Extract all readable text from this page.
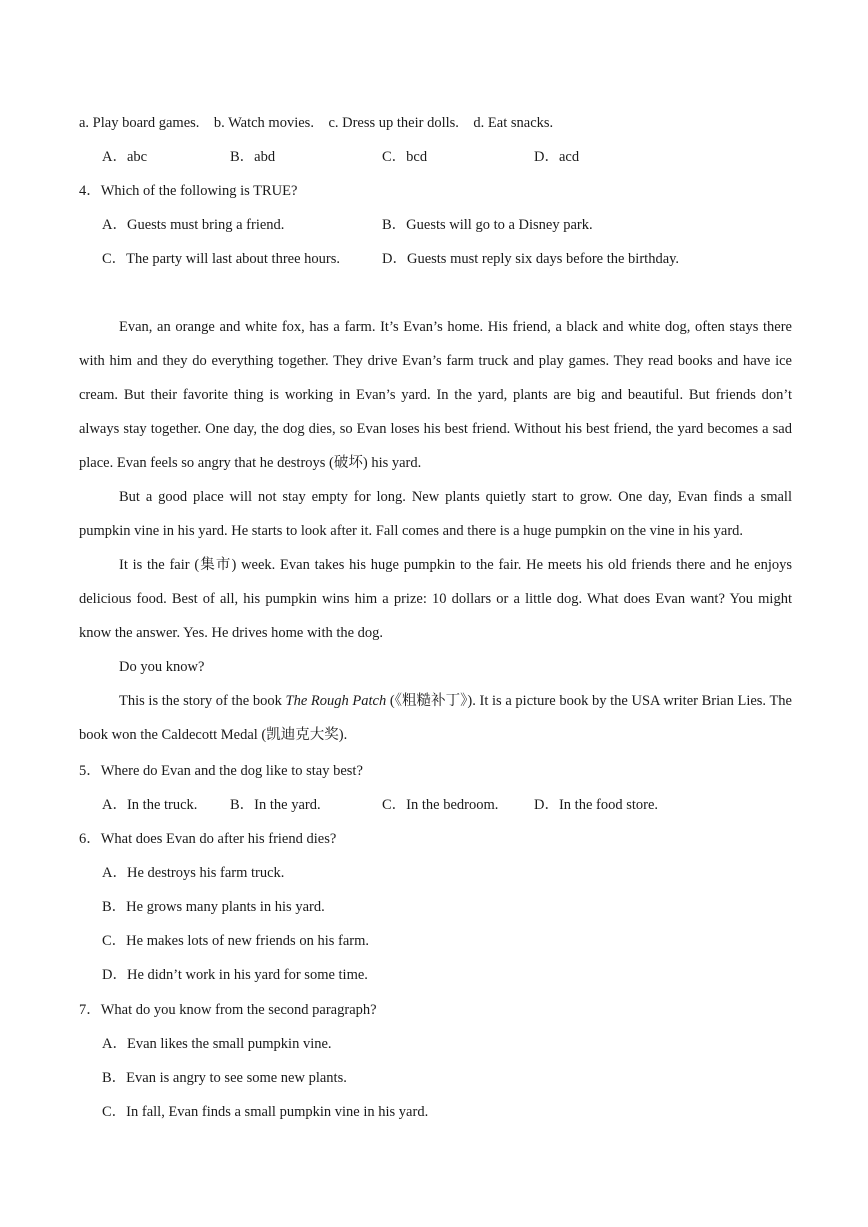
a. Play board games.    b. Watch movies.    c. Dress up their dolls.    d. Eat snacks.
A．abc	B．abd	C．bcd	D．acd
4．Which of the following is TRUE?
A．Guests must bring a friend.	B．Guests will go to a Disney park.
C．The party will last about three hours.	D．Guests must reply six days before the birthday.

Evan, an orange and white fox, has a farm. It’s Evan’s home. His friend, a black and white dog, often stays there with him and they do everything together. They drive Evan’s farm truck and play games. They read books and have ice cream. But their favorite thing is working in Evan’s yard. In the yard, plants are big and beautiful. But friends don’t always stay together. One day, the dog dies, so Evan loses his best friend. Without his best friend, the yard becomes a sad place. Evan feels so angry that he destroys (破坏) his yard.

But a good place will not stay empty for long. New plants quietly start to grow. One day, Evan finds a small pumpkin vine in his yard. He starts to look after it. Fall comes and there is a huge pumpkin on the vine in his yard.

It is the fair (集市) week. Evan takes his huge pumpkin to the fair. He meets his old friends there and he enjoys delicious food. Best of all, his pumpkin wins him a prize: 10 dollars or a little dog. What does Evan want? You might know the answer. Yes. He drives home with the dog.

Do you know?

This is the story of the book The Rough Patch (《粗糙补丁》). It is a picture book by the USA writer Brian Lies. The book won the Caldecott Medal (凯迪克大奖).

5．Where do Evan and the dog like to stay best?
A．In the truck. B．In the yard.	C．In the bedroom. D．In the food store.
6．What does Evan do after his friend dies?
A．He destroys his farm truck.
B．He grows many plants in his yard.
C．He makes lots of new friends on his farm.
D．He didn’t work in his yard for some time.
7．What do you know from the second paragraph?
A．Evan likes the small pumpkin vine.
B．Evan is angry to see some new plants.
C．In fall, Evan finds a small pumpkin vine in his yard.
